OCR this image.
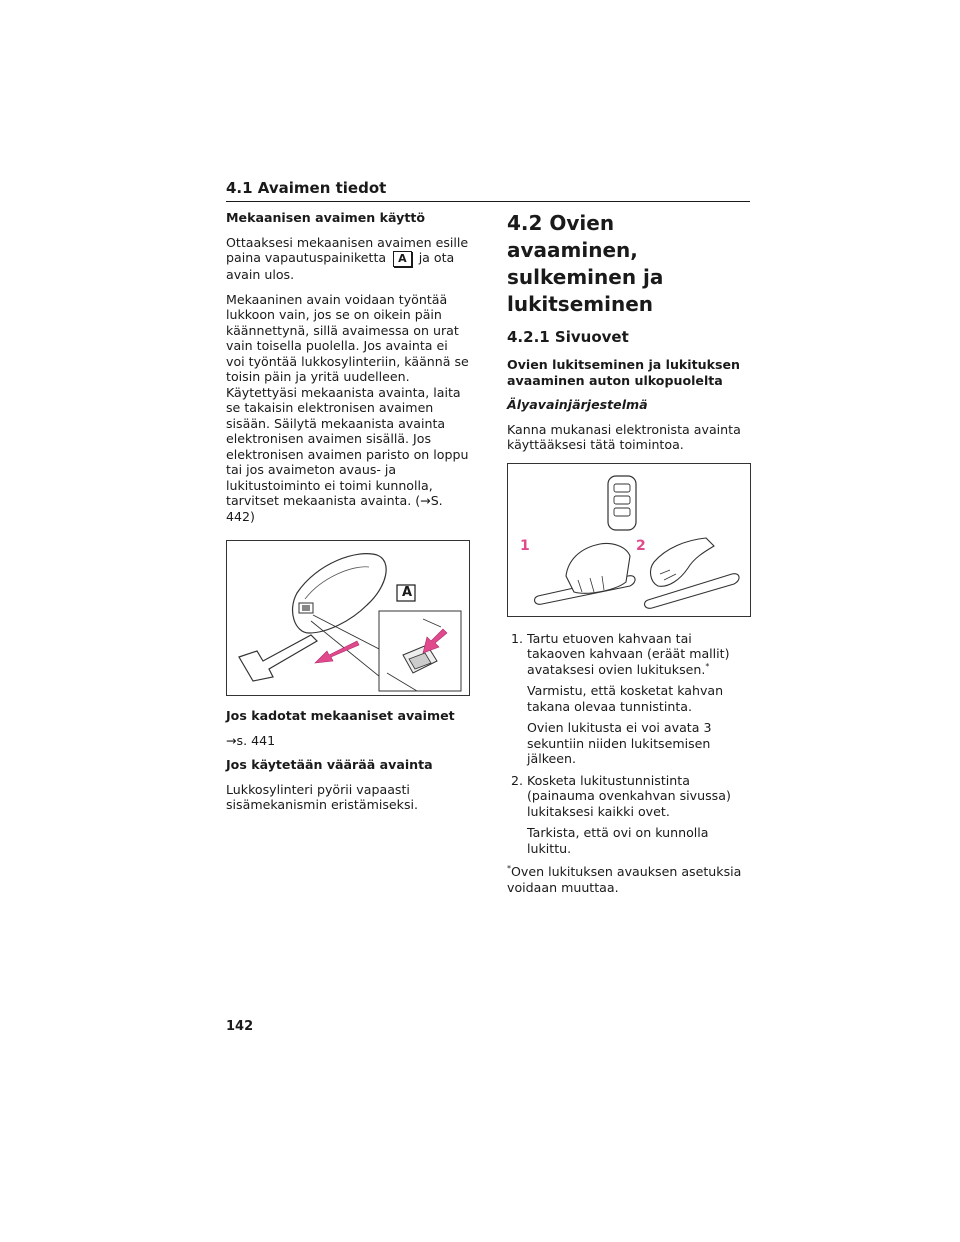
4.1 Avaimen tiedot
Mekaanisen avaimen käyttö

Ottaaksesi mekaanisen avaimen esille paina vapautuspainiketta A ja ota avain ulos.

Mekaaninen avain voidaan työntää lukkoon vain, jos se on oikein päin käännettynä, sillä avaimessa on urat vain toisella puolella. Jos avainta ei voi työntää lukkosylinteriin, käännä se toisin päin ja yritä uudelleen. Käytettyäsi mekaanista avainta, laita se takaisin elektronisen avaimen sisään. Säilytä mekaanista avainta elektronisen avaimen sisällä. Jos elektronisen avaimen paristo on loppu tai jos avaimeton avaus- ja lukitustoiminto ei toimi kunnolla, tarvitset mekaanista avainta. (→S. 442)

A
Jos kadotat mekaaniset avaimet

→s. 441

Jos käytetään väärää avainta

Lukkosylinteri pyörii vapaasti sisämekanismin eristämiseksi.

4.2 Ovien avaaminen, sulkeminen ja lukitseminen
4.2.1 Sivuovet
Ovien lukitseminen ja lukituksen avaaminen auton ulkopuolelta
Älyavainjärjestelmä

Kanna mukanasi elektronista avainta käyttääksesi tätä toimintoa.

1	2
1. Tartu etuoven kahvaan tai takaoven kahvaan (eräät mallit) avataksesi ovien lukituksen.*

Varmistu, että kosketat kahvan takana olevaa tunnistinta.

Ovien lukitusta ei voi avata 3 sekuntiin niiden lukitsemisen jälkeen.

2. Kosketa lukitustunnistinta (painauma ovenkahvan sivussa) lukitaksesi kaikki ovet.

Tarkista, että ovi on kunnolla lukittu.

*Oven lukituksen avauksen asetuksia voidaan muuttaa.

142
